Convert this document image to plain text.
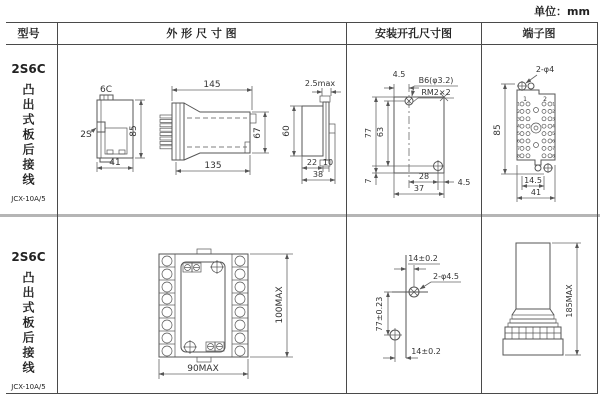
单位：mm
型号	外 形 尺 寸 图	安装开孔尺寸图	端子图
2S6C
凸出式板后接线
JCX-10A/5
2S6C
凸出式板后接线
JCX-10A/5
6C
2S	85
41
145
67
135
2.5max
60
22 10
38
4.5
B6(φ3.2)
RM2×2
77 63
7	28
37
4.5
1	1
2	2
3	3
4	4
5	5
6	6
7	7
8	8
1	2
2-φ4
85
14.5
41
100MAX
90MAX
14±0.2
2-φ4.5
77±0.23
14±0.2
185MAX
